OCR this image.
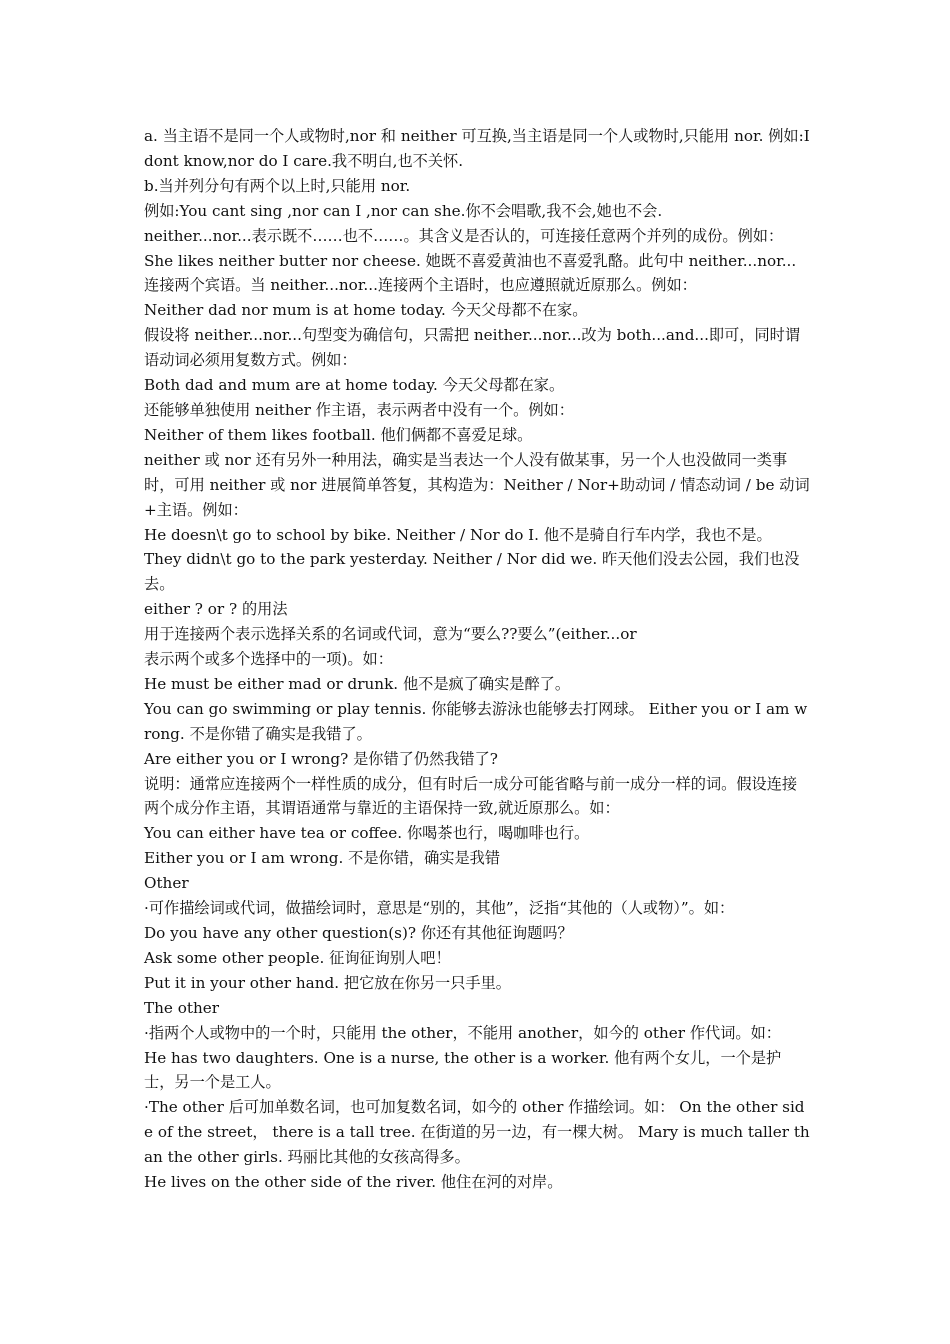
a. 当主语不是同一个人或物时,nor 和 neither 可互换,当主语是同一个人或物时,只能用 nor. 例如:I dont know,nor do I care.我不明白,也不关怀.

b.当并列分句有两个以上时,只能用 nor.

例如:You cant sing ,nor can I ,nor can she.你不会唱歌,我不会,她也不会.

neither...nor...表示既不……也不……。其含义是否认的，可连接任意两个并列的成份。例如：

She likes neither butter nor cheese. 她既不喜爱黄油也不喜爱乳酪。此句中 neither...nor...连接两个宾语。当 neither...nor...连接两个主语时，也应遵照就近原那么。例如：

Neither dad nor mum is at home today. 今天父母都不在家。

假设将 neither...nor...句型变为确信句，只需把 neither...nor...改为 both...and...即可，同时谓语动词必须用复数方式。例如：

Both dad and mum are at home today. 今天父母都在家。

还能够单独使用 neither 作主语，表示两者中没有一个。例如：

Neither of them likes football. 他们俩都不喜爱足球。

neither 或 nor 还有另外一种用法，确实是当表达一个人没有做某事，另一个人也没做同一类事时，可用 neither 或 nor 进展简单答复，其构造为：Neither / Nor+助动词 / 情态动词 / be 动词+主语。例如：

He doesn\t go to school by bike. Neither / Nor do I. 他不是骑自行车内学，我也不是。

They didn\t go to the park yesterday. Neither / Nor did we. 昨天他们没去公园，我们也没去。

either ? or ? 的用法

用于连接两个表示选择关系的名词或代词，意为“要么??要么”(either...or

表示两个或多个选择中的一项)。如：

He must be either mad or drunk. 他不是疯了确实是醉了。

You can go swimming or play tennis. 你能够去游泳也能够去打网球。 Either you or I am wrong. 不是你错了确实是我错了。

Are either you or I wrong? 是你错了仍然我错了?

说明：通常应连接两个一样性质的成分，但有时后一成分可能省略与前一成分一样的词。假设连接两个成分作主语，其谓语通常与靠近的主语保持一致,就近原那么。如：

You can either have tea or coffee. 你喝茶也行，喝咖啡也行。

Either you or I am wrong. 不是你错，确实是我错

Other

·可作描绘词或代词，做描绘词时，意思是“别的，其他”，泛指“其他的（人或物）”。如：

Do you have any other question(s)? 你还有其他征询题吗？

Ask some other people. 征询征询别人吧！

Put it in your other hand. 把它放在你另一只手里。

The other

·指两个人或物中的一个时，只能用 the other，不能用 another，如今的 other 作代词。如：

He has two daughters. One is a nurse, the other is a worker. 他有两个女儿，一个是护士，另一个是工人。

·The other 后可加单数名词，也可加复数名词，如今的 other 作描绘词。如： On the other side of the street， there is a tall tree. 在街道的另一边，有一棵大树。 Mary is much taller than the other girls. 玛丽比其他的女孩高得多。

He lives on the other side of the river. 他住在河的对岸。
